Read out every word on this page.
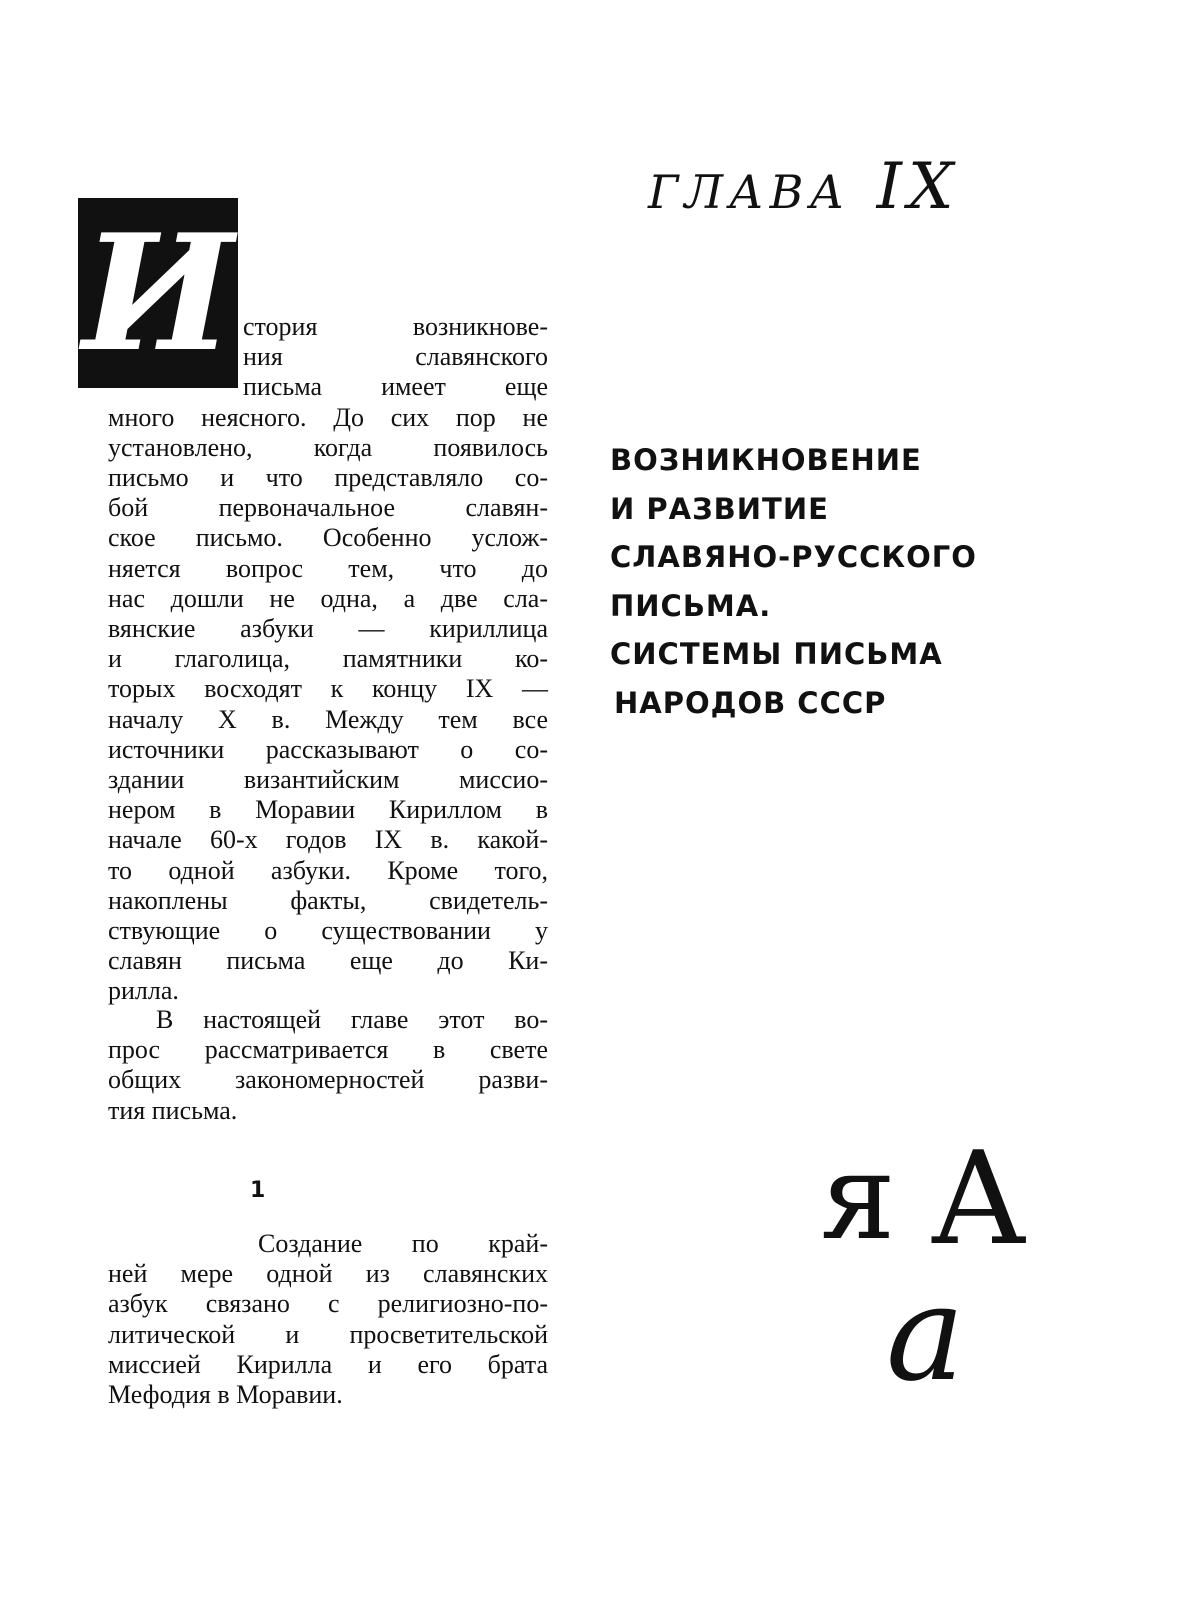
И стория возникнове-
ния славянского
письма имеет еще
много неясного. До сих пор не
установлено, когда появилось
письмо и что представляло со-
бой первоначальное славян-
ское письмо. Особенно услож-
няется вопрос тем, что до
нас дошли не одна, а две сла-
вянские азбуки — кириллица
и глаголица, памятники ко-
торых восходят к концу IX —
началу X в. Между тем все
источники рассказывают о со-
здании византийским миссио-
нером в Моравии Кириллом в
начале 60-х годов IX в. какой-
то одной азбуки. Кроме того,
накоплены факты, свидетель-
ствующие о существовании у
славян письма еще до Ки-
рилла.
В настоящей главе этот во-
прос рассматривается в свете
общих закономерностей разви-
тия письма.
1
Создание по край-
ней мере одной из славянских
азбук связано с религиозно-по-
литической и просветительской
миссией Кирилла и его брата
Мефодия в Моравии.
ГЛАВА IX
ВОЗНИКНОВЕНИЕ
И РАЗВИТИЕ
СЛАВЯНО-РУССКОГО
ПИСЬМА.
СИСТЕМЫ ПИСЬМА
НАРОДОВ СССР
я А
а
